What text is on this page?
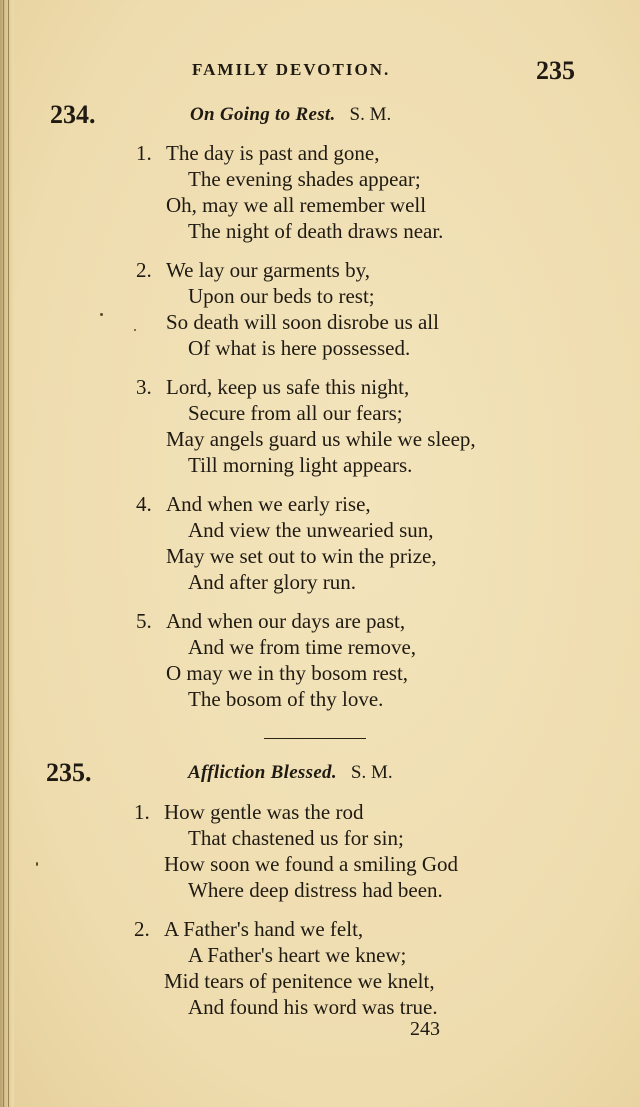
FAMILY DEVOTION.	235
234.	On Going to Rest. S. M.
1. The day is past and gone,
The evening shades appear;
Oh, may we all remember well
The night of death draws near.
2. We lay our garments by,
Upon our beds to rest;
So death will soon disrobe us all
Of what is here possessed.
3. Lord, keep us safe this night,
Secure from all our fears;
May angels guard us while we sleep,
Till morning light appears.
4. And when we early rise,
And view the unwearied sun,
May we set out to win the prize,
And after glory run.
5. And when our days are past,
And we from time remove,
O may we in thy bosom rest,
The bosom of thy love.
235.	Affliction Blessed. S. M.
1. How gentle was the rod
That chastened us for sin;
How soon we found a smiling God
Where deep distress had been.
2. A Father's hand we felt,
A Father's heart we knew;
Mid tears of penitence we knelt,
And found his word was true.
243
